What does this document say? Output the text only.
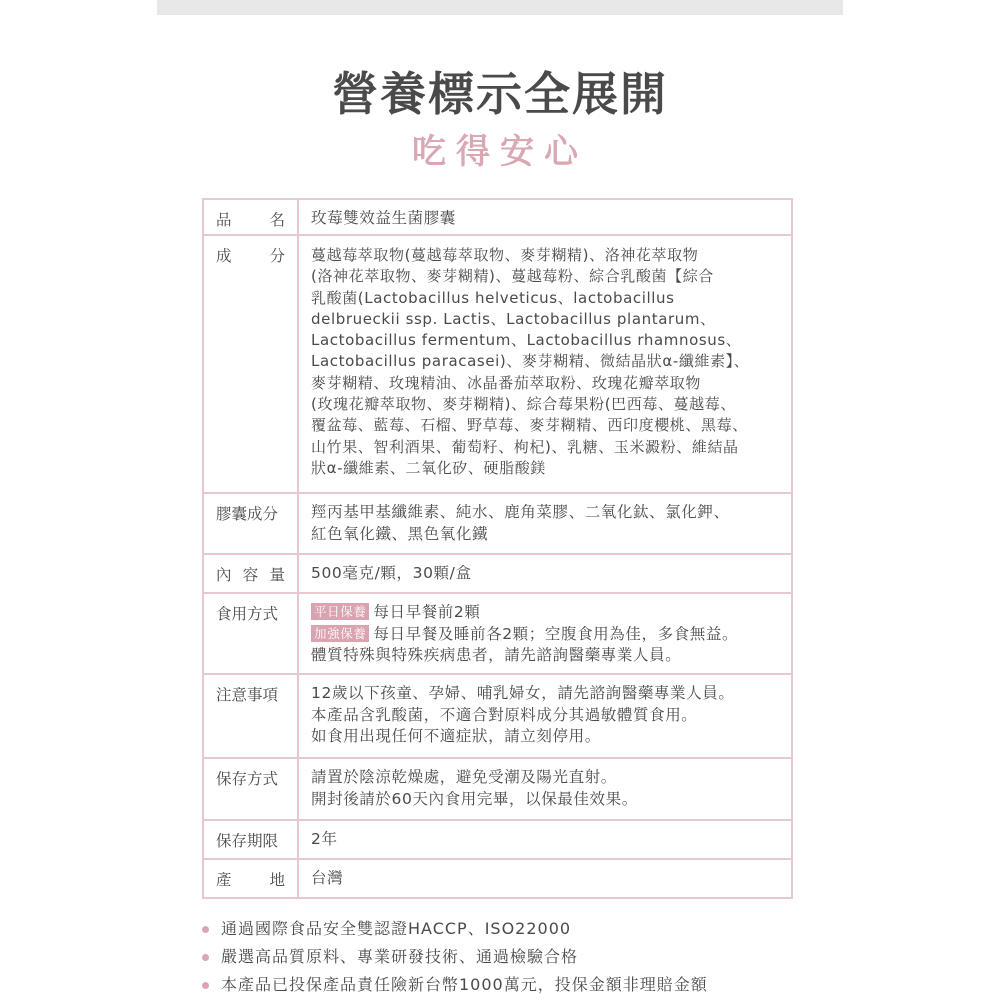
營養標示全展開
吃得安心
品 名 玫莓雙效益生菌膠囊
成 分 蔓越莓萃取物(蔓越莓萃取物、麥芽糊精)、洛神花萃取物
(洛神花萃取物、麥芽糊精)、蔓越莓粉、綜合乳酸菌【綜合
乳酸菌(Lactobacillus helveticus、lactobacillus
delbrueckii ssp. Lactis、Lactobacillus plantarum、
Lactobacillus fermentum、Lactobacillus rhamnosus、
Lactobacillus paracasei)、麥芽糊精、微結晶狀α-纖維素】、
麥芽糊精、玫瑰精油、冰晶番茄萃取粉、玫瑰花瓣萃取物
(玫瑰花瓣萃取物、麥芽糊精)、綜合莓果粉(巴西莓、蔓越莓、
覆盆莓、藍莓、石榴、野草莓、麥芽糊精、西印度櫻桃、黑莓、
山竹果、智利酒果、葡萄籽、枸杞)、乳糖、玉米澱粉、維結晶
狀α-纖維素、二氧化矽、硬脂酸鎂
膠囊成分	羥丙基甲基纖維素、純水、鹿角菜膠、二氧化鈦、氯化鉀、
紅色氧化鐵、黑色氧化鐵
內 容 量 500毫克/顆，30顆/盒
食用方式	平日保養 每日早餐前2顆
加強保養 每日早餐及睡前各2顆；空腹食用為佳，多食無益。
體質特殊與特殊疾病患者，請先諮詢醫藥專業人員。
注意事項	12歲以下孩童、孕婦、哺乳婦女，請先諮詢醫藥專業人員。
本產品含乳酸菌，不適合對原料成分其過敏體質食用。
如食用出現任何不適症狀，請立刻停用。
保存方式	請置於陰涼乾燥處，避免受潮及陽光直射。
開封後請於60天內食用完畢，以保最佳效果。
保存期限	2年
產 地 台灣
通過國際食品安全雙認證HACCP、ISO22000
嚴選高品質原料、專業研發技術、通過檢驗合格
本產品已投保產品責任險新台幣1000萬元，投保金額非理賠金額
